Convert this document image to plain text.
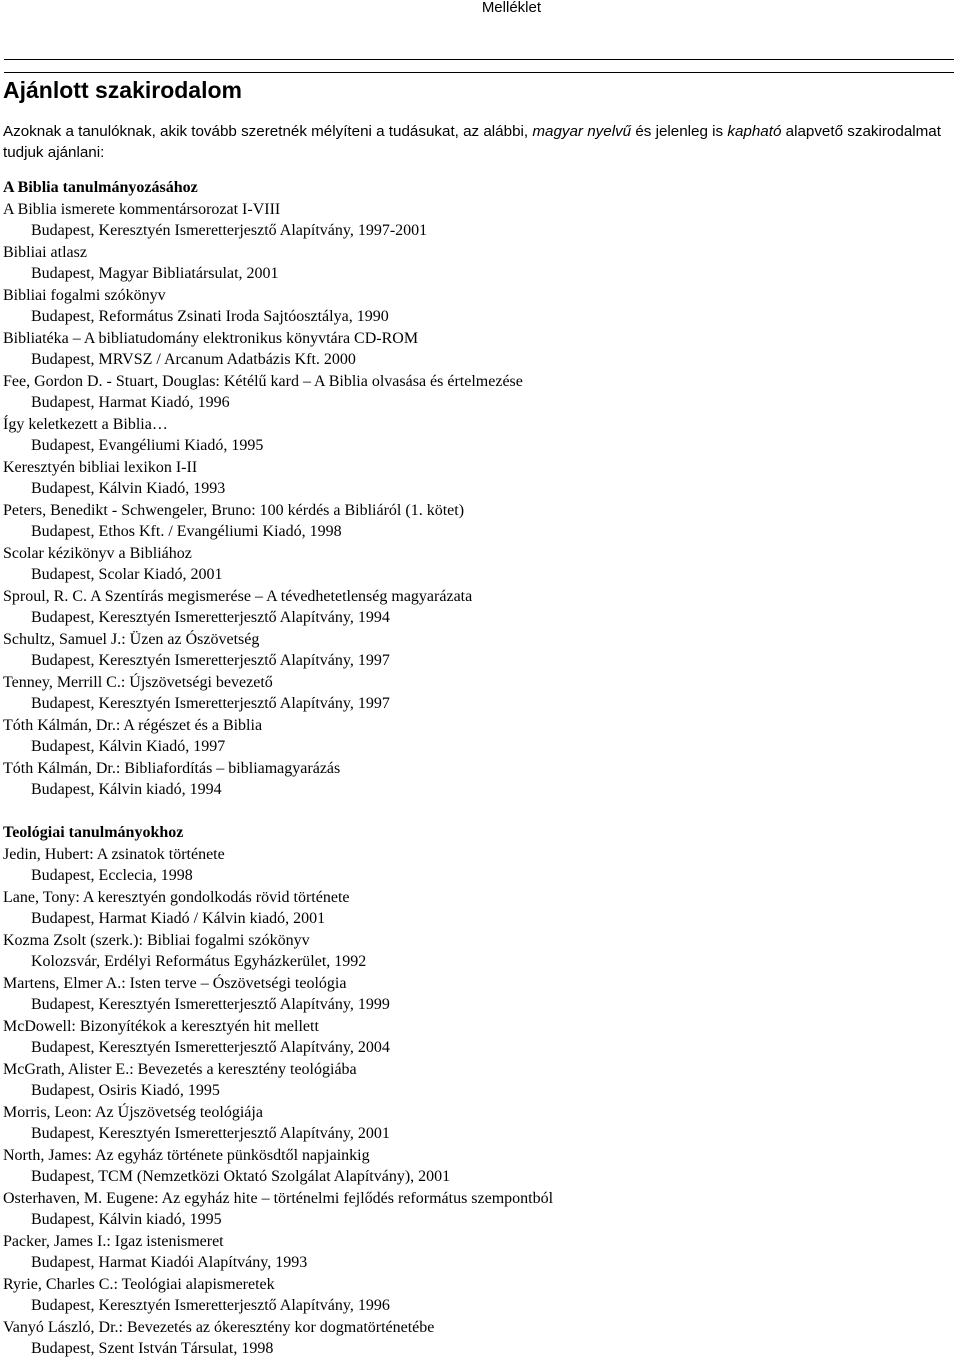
Melléklet
Ajánlott szakirodalom

Azoknak a tanulóknak, akik tovább szeretnék mélyíteni a tudásukat, az alábbi, magyar nyelvű és jelenleg is kapható alapvető szakirodalmat tudjuk ajánlani:

A Biblia tanulmányozásához
A Biblia ismerete kommentársorozat I-VIII
Budapest, Keresztyén Ismeretterjesztő Alapítvány, 1997-2001
Bibliai atlasz
Budapest, Magyar Bibliatársulat, 2001
Bibliai fogalmi szókönyv
Budapest, Református Zsinati Iroda Sajtóosztálya, 1990
Bibliatéka – A bibliatudomány elektronikus könyvtára CD-ROM
Budapest, MRVSZ / Arcanum Adatbázis Kft. 2000
Fee, Gordon D. - Stuart, Douglas: Kétélű kard – A Biblia olvasása és értelmezése
Budapest, Harmat Kiadó, 1996
Így keletkezett a Biblia…
Budapest, Evangéliumi Kiadó, 1995
Keresztyén bibliai lexikon I-II
Budapest, Kálvin Kiadó, 1993
Peters, Benedikt - Schwengeler, Bruno: 100 kérdés a Bibliáról (1. kötet)
Budapest, Ethos Kft. / Evangéliumi Kiadó, 1998
Scolar kézikönyv a Bibliához
Budapest, Scolar Kiadó, 2001
Sproul, R. C. A Szentírás megismerése – A tévedhetetlenség magyarázata
Budapest, Keresztyén Ismeretterjesztő Alapítvány, 1994
Schultz, Samuel J.: Üzen az Ószövetség
Budapest, Keresztyén Ismeretterjesztő Alapítvány, 1997
Tenney, Merrill C.: Újszövetségi bevezető
Budapest, Keresztyén Ismeretterjesztő Alapítvány, 1997
Tóth Kálmán, Dr.: A régészet és a Biblia
Budapest, Kálvin Kiadó, 1997
Tóth Kálmán, Dr.: Bibliafordítás – bibliamagyarázás
Budapest, Kálvin kiadó, 1994
Teológiai tanulmányokhoz
Jedin, Hubert: A zsinatok története
Budapest, Ecclecia, 1998
Lane, Tony: A keresztyén gondolkodás rövid története
Budapest, Harmat Kiadó / Kálvin kiadó, 2001
Kozma Zsolt (szerk.): Bibliai fogalmi szókönyv
Kolozsvár, Erdélyi Református Egyházkerület, 1992
Martens, Elmer A.: Isten terve – Ószövetségi teológia
Budapest, Keresztyén Ismeretterjesztő Alapítvány, 1999
McDowell: Bizonyítékok a keresztyén hit mellett
Budapest, Keresztyén Ismeretterjesztő Alapítvány, 2004
McGrath, Alister E.: Bevezetés a keresztény teológiába
Budapest, Osiris Kiadó, 1995
Morris, Leon: Az Újszövetség teológiája
Budapest, Keresztyén Ismeretterjesztő Alapítvány, 2001
North, James: Az egyház története pünkösdtől napjainkig
Budapest, TCM (Nemzetközi Oktató Szolgálat Alapítvány), 2001
Osterhaven, M. Eugene: Az egyház hite – történelmi fejlődés református szempontból
Budapest, Kálvin kiadó, 1995
Packer, James I.: Igaz istenismeret
Budapest, Harmat Kiadói Alapítvány, 1993
Ryrie, Charles C.: Teológiai alapismeretek
Budapest, Keresztyén Ismeretterjesztő Alapítvány, 1996
Vanyó László, Dr.: Bevezetés az ókeresztény kor dogmatörténetébe
Budapest, Szent István Társulat, 1998
